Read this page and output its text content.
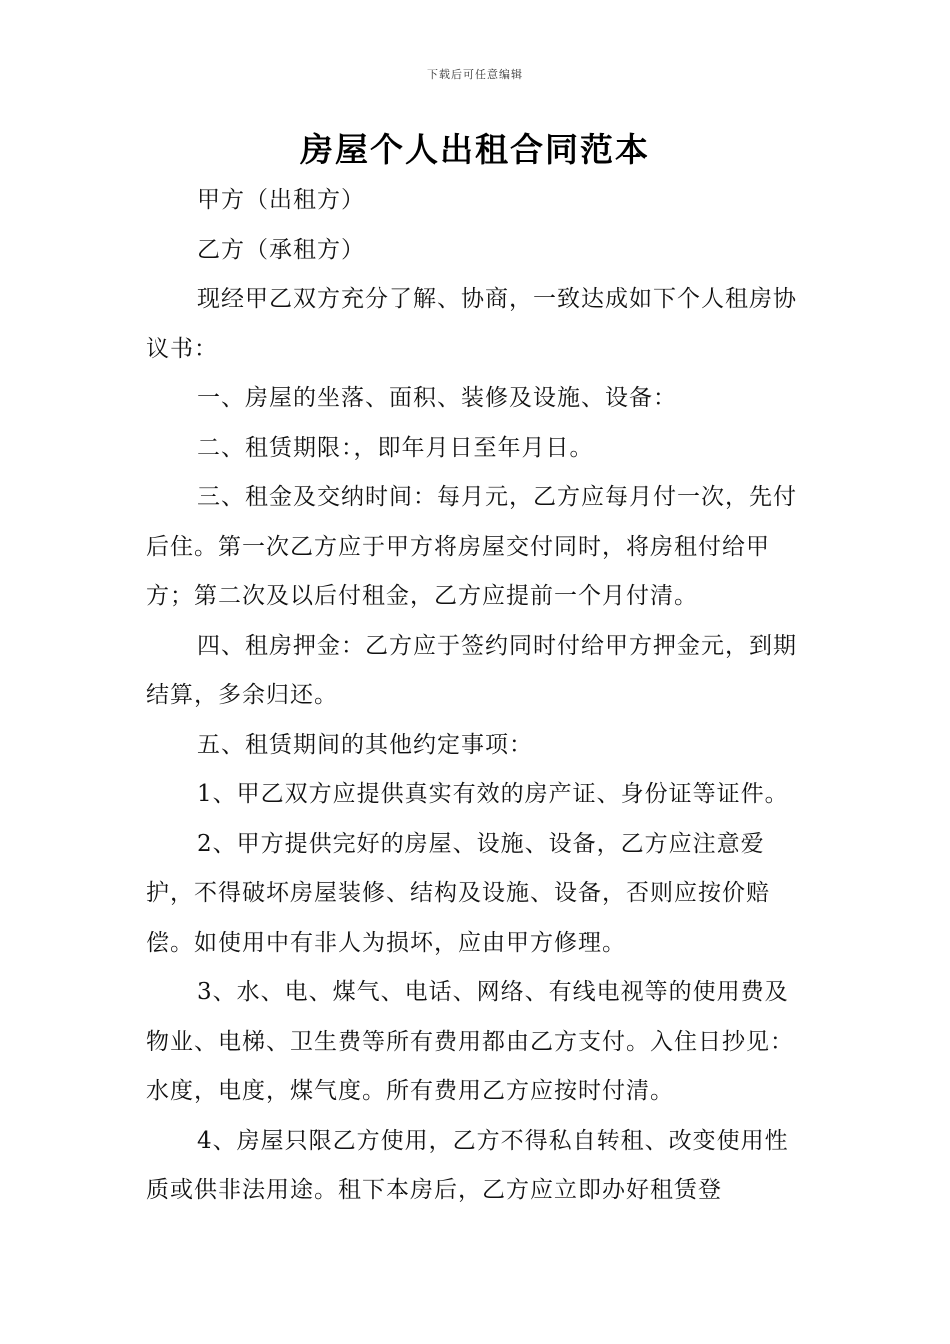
下载后可任意编辑
房屋个人出租合同范本

甲方（出租方）

乙方（承租方）

现经甲乙双方充分了解、协商，一致达成如下个人租房协议书：

一、房屋的坐落、面积、装修及设施、设备：

二、租赁期限：，即年月日至年月日。

三、租金及交纳时间：每月元，乙方应每月付一次，先付后住。第一次乙方应于甲方将房屋交付同时，将房租付给甲方；第二次及以后付租金，乙方应提前一个月付清。

四、租房押金：乙方应于签约同时付给甲方押金元，到期结算，多余归还。

五、租赁期间的其他约定事项：

1、甲乙双方应提供真实有效的房产证、身份证等证件。

2、甲方提供完好的房屋、设施、设备，乙方应注意爱护，不得破坏房屋装修、结构及设施、设备，否则应按价赔偿。如使用中有非人为损坏，应由甲方修理。

3、水、电、煤气、电话、网络、有线电视等的使用费及物业、电梯、卫生费等所有费用都由乙方支付。入住日抄见：水度，电度，煤气度。所有费用乙方应按时付清。

4、房屋只限乙方使用，乙方不得私自转租、改变使用性质或供非法用途。租下本房后，乙方应立即办好租赁登
